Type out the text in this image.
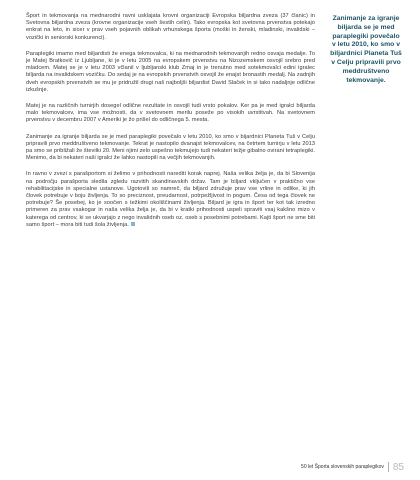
Šport in tekmovanja na mednarodni ravni usklajata krovni organizaciji Evropska biljardna zveza (37 članic) in Svetovna biljardna zveza (krovne organizacije vseh šestih celin). Tako evropska kot svetovna prvenstva potekajo enkrat na leto, in sicer v prav vseh pojavnih oblikah vrhunskega športa (moški in ženski, mladinski, invalidski – vozički in seniorski konkurenci).

Paraplegiki imamo med biljardisti že enega tekmovalca, ki na mednarodnih tekmovanjih redno osvaja medalje. To je Matej Bratkovič iz Ljubljane, ki je v letu 2005 na evropskem prvenstvu na Nizozemskem osvojil srebro pred mladcem. Matej se je v letu 2003 včlanil v ljubljanski klub Zmaj in je trenutno med sotekmovalci edini igralec biljarda na invalidskem vozičku. Do sedaj je na evropskih prvenstvih osvojil že enajst bronastih medalj. Na zadnjih dveh evropskih prvenstvih se mu je pridružil drugi naš najboljši biljardist David Slaček in si tako nadaljnje odlične izkušnje.

Matej je na različnih turnirjih dosegel odlične rezultate in osvojil tudi vrsto pokalov. Ker pa je med igralci biljarda malo tekmovalcev, ima vse možnosti, da v svetovnem merilu poseže po visokih uvrstitvah. Na svetovnem prvenstvu v decembru 2007 v Ameriki je žo prišel do odličnega 5. mesta.

Zanimanje za igranje biljarda se je med paraplegiki povečalo v letu 2010, ko smo v bijardnici Planeta Tuš v Celju pripravili prvo meddruštveno tekmovanje. Tekrat je nastopilo dvanajst tekmovalcev, na četrtem turnirju v letu 2013 pa smo se približali že številki 20. Meni njimi zelo uspešno tekmujejo tudi nekateri težje gibalno ovirani tetraplegiki. Menimo, da bi nekateri naši igralci že lahko nastopili na večjih tekmovanjih.

In ravno v zvezi s parašportom si želimo v prihodnosti narediti korak naprej. Naša velika želja je, da bi Slovenija na področju parašporta sledila zgledu razvitih skandinavskih držav. Tam je biljard vključen v praktično vse rehabilitacijske in specialne ustanove. Ugotovili so namreč, da biljard združuje prav vse vrline in odlike, ki jih človek potrebuje v boju življenja. To so preciznost, preudarnost, potrpežljivost in pogum. Česa od tega človek ne potrebuje? Še posebej, ko je soočen s težkimi okoliščinami življenja. Biljard je igra in šport ter kot tak izredno primeren za prav vsakogar in naša velika želja je, da bi v kratki prihodnosti uspeli spraviti vsaj kakšno mizo v katerega od centrov, ki se ukvarjajo z nego invalidnih oseb oz. oseb s posebnimi potrebami. Kajti šport ne sme biti samo šport – mora biti tudi šola življenja.

Zanimanje za igranje biljarda se je med paraplegiki povečalo v letu 2010, ko smo v biljardnici Planeta Tuš v Celju pripravili prvo meddruštveno tekmovanje.

50 let Športa slovenskih paraplegikov 85
